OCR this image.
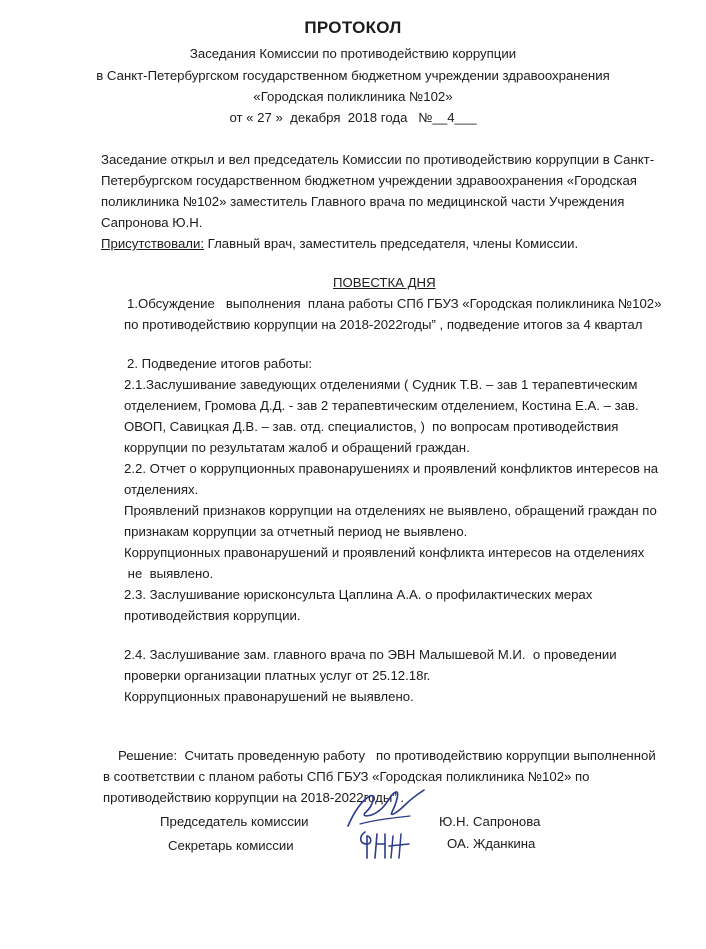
ПРОТОКОЛ
Заседания Комиссии по противодействию коррупции
в Санкт-Петербургском государственном бюджетном учреждении здравоохранения
«Городская поликлиника №102»
от « 27 »  декабря  2018 года   №__4___
Заседание открыл и вел председатель Комиссии по противодействию коррупции в Санкт-
Петербургском государственном бюджетном учреждении здравоохранения «Городская
поликлиника №102» заместитель Главного врача по медицинской части Учреждения
Сапронова Ю.Н.
Присутствовали: Главный врач, заместитель председателя, члены Комиссии.
ПОВЕСТКА ДНЯ
1.Обсуждение   выполнения  плана работы СПб ГБУЗ «Городская поликлиника №102»
по противодействию коррупции на 2018-2022годы” , подведение итогов за 4 квартал
2. Подведение итогов работы:
2.1.Заслушивание заведующих отделениями ( Судник Т.В. – зав 1 терапевтическим
отделением, Громова Д.Д. - зав 2 терапевтическим отделением, Костина Е.А. – зав.
ОВОП, Савицкая Д.В. – зав. отд. специалистов, )  по вопросам противодействия
коррупции по результатам жалоб и обращений граждан.
2.2. Отчет о коррупционных правонарушениях и проявлений конфликтов интересов на
отделениях.
Проявлений признаков коррупции на отделениях не выявлено, обращений граждан по
признакам коррупции за отчетный период не выявлено.
Коррупционных правонарушений и проявлений конфликта интересов на отделениях
не  выявлено.
2.3. Заслушивание юрисконсульта Цаплина А.А. о профилактических мерах
противодействия коррупции.
2.4. Заслушивание зам. главного врача по ЭВН Малышевой М.И.  о проведении
проверки организации платных услуг от 25.12.18г.
Коррупционных правонарушений не выявлено.
Решение:  Считать проведенную работу   по противодействию коррупции выполненной
в соответствии с планом работы СПб ГБУЗ «Городская поликлиника №102» по
противодействию коррупции на 2018-2022годы” .
Председатель комиссии	Ю.Н. Сапронова
Секретарь комиссии	ОА. Жданкина
